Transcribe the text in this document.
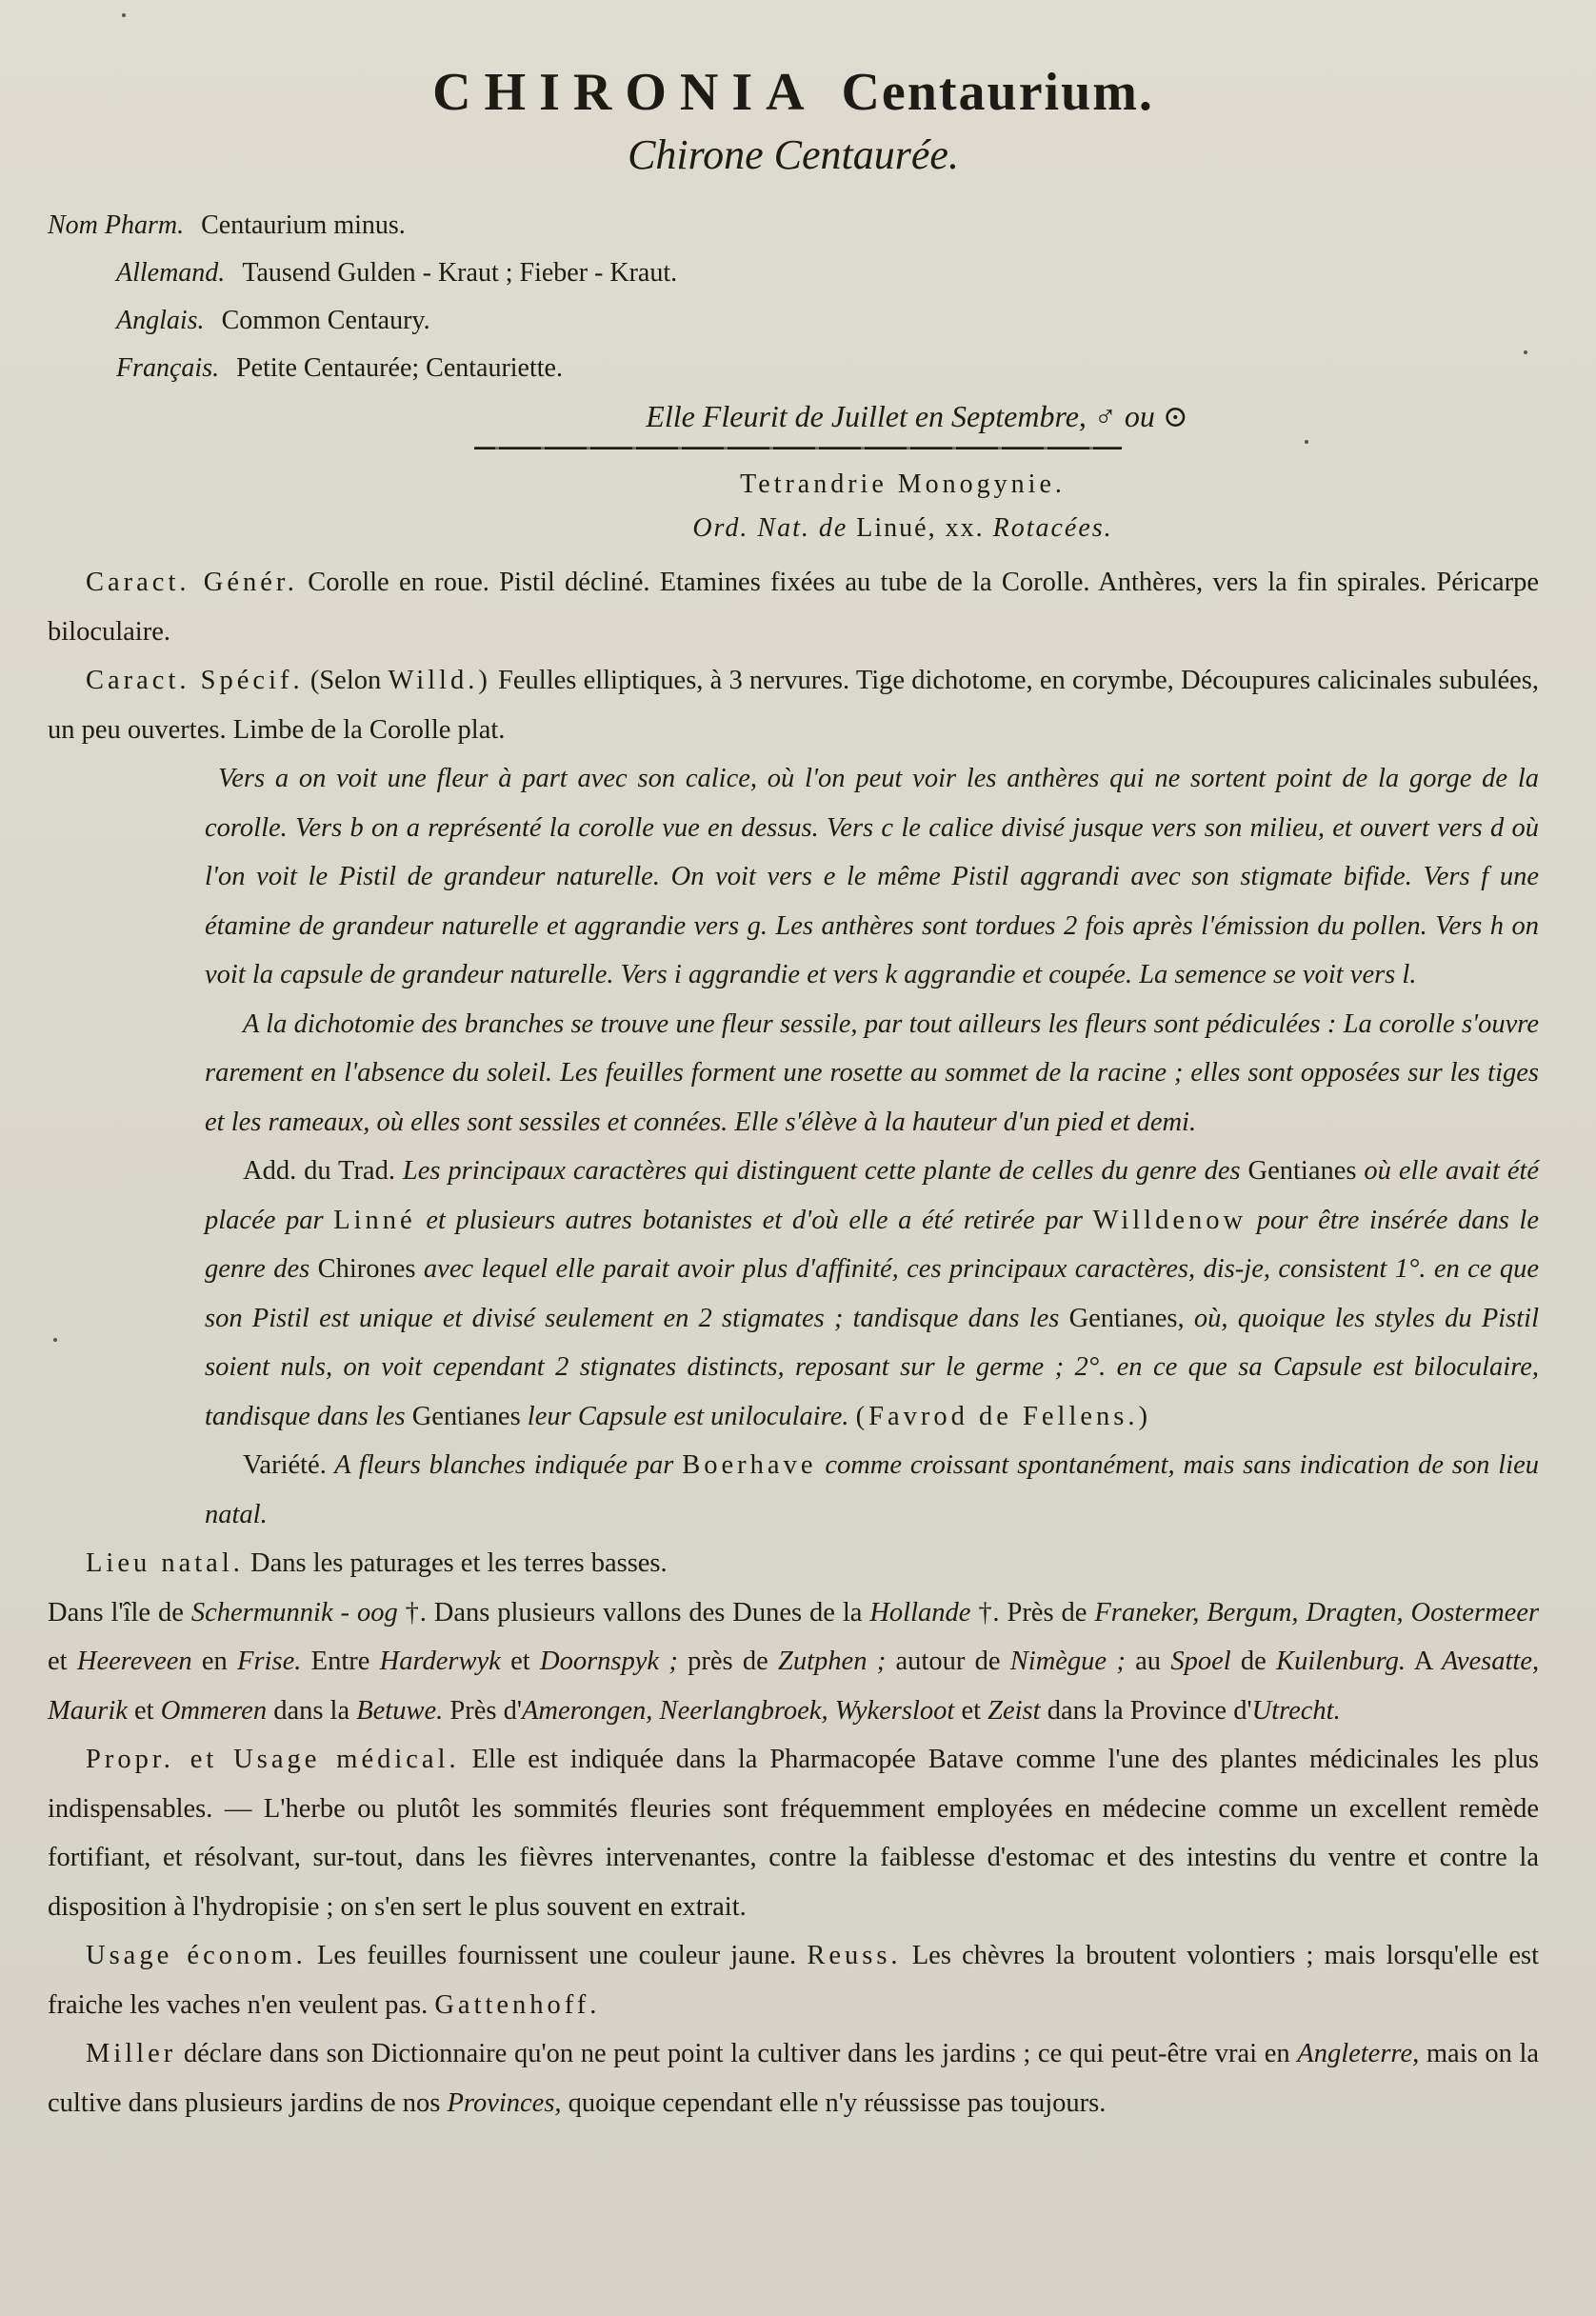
CHIRONIA Centaurium.
Chirone Centaurée.
Nom Pharm. Centaurium minus.
Allemand. Tausend Gulden - Kraut ; Fieber - Kraut.
Anglais. Common Centaury.
Français. Petite Centaurée; Centauriette.
Elle Fleurit de Juillet en Septembre, ♂ ou ⊙
Tetrandrie Monogynie.
Ord. Nat. de Linué, xx. Rotacées.

Caract. Génér. Corolle en roue. Pistil décliné. Etamines fixées au tube de la Corolle. Anthères, vers la fin spirales. Péricarpe biloculaire.

Caract. Spécif. (Selon Willd.) Feulles elliptiques, à 3 nervures. Tige dichotome, en corymbe, Découpures calicinales subulées, un peu ouvertes. Limbe de la Corolle plat.

Vers a on voit une fleur à part avec son calice, où l'on peut voir les anthères qui ne sortent point de la gorge de la corolle. Vers b on a représenté la corolle vue en dessus. Vers c le calice divisé jusque vers son milieu, et ouvert vers d où l'on voit le Pistil de grandeur naturelle. On voit vers e le même Pistil aggrandi avec son stigmate bifide. Vers f une étamine de grandeur naturelle et aggrandie vers g. Les anthères sont tordues 2 fois après l'émission du pollen. Vers h on voit la capsule de grandeur naturelle. Vers i aggrandie et vers k aggrandie et coupée. La semence se voit vers l.

A la dichotomie des branches se trouve une fleur sessile, par tout ailleurs les fleurs sont pédiculées : La corolle s'ouvre rarement en l'absence du soleil. Les feuilles forment une rosette au sommet de la racine ; elles sont opposées sur les tiges et les rameaux, où elles sont sessiles et connées. Elle s'élève à la hauteur d'un pied et demi.

Add. du Trad. Les principaux caractères qui distinguent cette plante de celles du genre des Gentianes où elle avait été placée par Linné et plusieurs autres botanistes et d'où elle a été retirée par Willdenow pour être insérée dans le genre des Chirones avec lequel elle parait avoir plus d'affinité, ces principaux caractères, dis-je, consistent 1°. en ce que son Pistil est unique et divisé seulement en 2 stigmates ; tandisque dans les Gentianes, où, quoique les styles du Pistil soient nuls, on voit cependant 2 stignates distincts, reposant sur le germe ; 2°. en ce que sa Capsule est biloculaire, tandisque dans les Gentianes leur Capsule est uniloculaire. (Favrod de Fellens.)

Variété. A fleurs blanches indiquée par Boerhave comme croissant spontanément, mais sans indication de son lieu natal.

Lieu natal. Dans les paturages et les terres basses.

Dans l'île de Schermunnik - oog †. Dans plusieurs vallons des Dunes de la Hollande †. Près de Franeker, Bergum, Dragten, Oostermeer et Heereveen en Frise. Entre Harderwyk et Doornspyk ; près de Zutphen ; autour de Nimègue ; au Spoel de Kuilenburg. A Avesatte, Maurik et Ommeren dans la Betuwe. Près d'Amerongen, Neerlangbroek, Wykersloot et Zeist dans la Province d'Utrecht.

Propr. et Usage médical. Elle est indiquée dans la Pharmacopée Batave comme l'une des plantes médicinales les plus indispensables. — L'herbe ou plutôt les sommités fleuries sont fréquemment employées en médecine comme un excellent remède fortifiant, et résolvant, sur-tout, dans les fièvres intervenantes, contre la faiblesse d'estomac et des intestins du ventre et contre la disposition à l'hydropisie ; on s'en sert le plus souvent en extrait.

Usage économ. Les feuilles fournissent une couleur jaune. Reuss. Les chèvres la broutent volontiers ; mais lorsqu'elle est fraiche les vaches n'en veulent pas. Gattenhoff.

Miller déclare dans son Dictionnaire qu'on ne peut point la cultiver dans les jardins ; ce qui peut-être vrai en Angleterre, mais on la cultive dans plusieurs jardins de nos Provinces, quoique cependant elle n'y réussisse pas toujours.
